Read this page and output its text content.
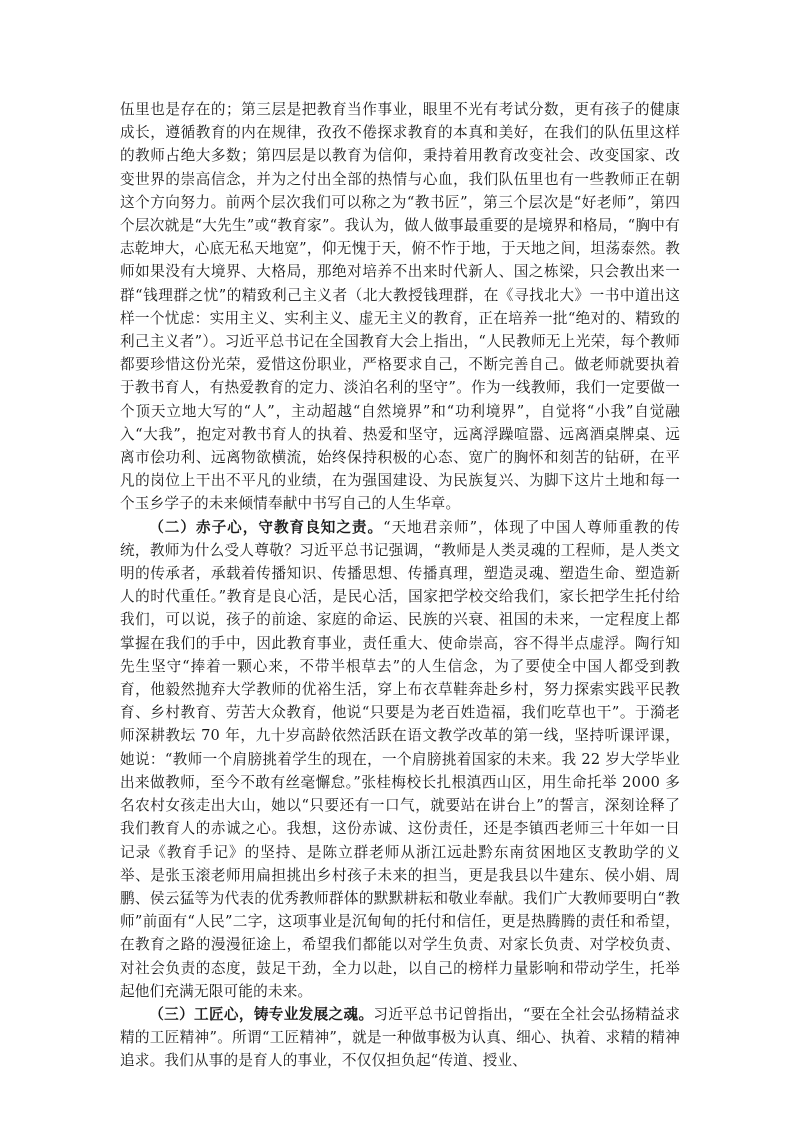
伍里也是存在的；第三层是把教育当作事业，眼里不光有考试分数，更有孩子的健康成长，遵循教育的内在规律，孜孜不倦探求教育的本真和美好，在我们的队伍里这样的教师占绝大多数；第四层是以教育为信仰，秉持着用教育改变社会、改变国家、改变世界的崇高信念，并为之付出全部的热情与心血，我们队伍里也有一些教师正在朝这个方向努力。前两个层次我们可以称之为“教书匠”，第三个层次是“好老师”，第四个层次就是“大先生”或“教育家”。我认为，做人做事最重要的是境界和格局，“胸中有志乾坤大，心底无私天地宽”，仰无愧于天，俯不怍于地，于天地之间，坦荡泰然。教师如果没有大境界、大格局，那绝对培养不出来时代新人、国之栋梁，只会教出来一群“钱理群之忧”的精致利己主义者（北大教授钱理群，在《寻找北大》一书中道出这样一个忧虑：实用主义、实利主义、虚无主义的教育，正在培养一批“绝对的、精致的利己主义者”）。习近平总书记在全国教育大会上指出，“人民教师无上光荣，每个教师都要珍惜这份光荣，爱惜这份职业，严格要求自己，不断完善自己。做老师就要执着于教书育人，有热爱教育的定力、淡泊名利的坚守”。作为一线教师，我们一定要做一个顶天立地大写的“人”，主动超越“自然境界”和“功利境界”，自觉将“小我”自觉融入“大我”，抱定对教书育人的执着、热爱和坚守，远离浮躁喧嚣、远离酒桌牌桌、远离市侩功利、远离物欲横流，始终保持积极的心态、宽广的胸怀和刻苦的钻研，在平凡的岗位上干出不平凡的业绩，在为强国建设、为民族复兴、为脚下这片土地和每一个玉乡学子的未来倾情奉献中书写自己的人生华章。

（二）赤子心，守教育良知之责。“天地君亲师”，体现了中国人尊师重教的传统，教师为什么受人尊敬？习近平总书记强调，“教师是人类灵魂的工程师，是人类文明的传承者，承载着传播知识、传播思想、传播真理，塑造灵魂、塑造生命、塑造新人的时代重任。”教育是良心活，是民心活，国家把学校交给我们，家长把学生托付给我们，可以说，孩子的前途、家庭的命运、民族的兴衰、祖国的未来，一定程度上都掌握在我们的手中，因此教育事业，责任重大、使命崇高，容不得半点虚浮。陶行知先生坚守“捧着一颗心来，不带半根草去”的人生信念，为了要使全中国人都受到教育，他毅然抛弃大学教师的优裕生活，穿上布衣草鞋奔赴乡村，努力探索实践平民教育、乡村教育、劳苦大众教育，他说“只要是为老百姓造福，我们吃草也干”。于漪老师深耕教坛 70 年，九十岁高龄依然活跃在语文教学改革的第一线，坚持听课评课，她说：“教师一个肩膀挑着学生的现在，一个肩膀挑着国家的未来。我 22 岁大学毕业出来做教师，至今不敢有丝毫懈怠。”张桂梅校长扎根滇西山区，用生命托举 2000 多名农村女孩走出大山，她以“只要还有一口气，就要站在讲台上”的誓言，深刻诠释了我们教育人的赤诚之心。我想，这份赤诚、这份责任，还是李镇西老师三十年如一日记录《教育手记》的坚持、是陈立群老师从浙江远赴黔东南贫困地区支教助学的义举、是张玉滚老师用扁担挑出乡村孩子未来的担当，更是我县以牛建东、侯小娟、周鹏、侯云猛等为代表的优秀教师群体的默默耕耘和敬业奉献。我们广大教师要明白“教师”前面有“人民”二字，这项事业是沉甸甸的托付和信任，更是热腾腾的责任和希望，在教育之路的漫漫征途上，希望我们都能以对学生负责、对家长负责、对学校负责、对社会负责的态度，鼓足干劲，全力以赴，以自己的榜样力量影响和带动学生，托举起他们充满无限可能的未来。

（三）工匠心，铸专业发展之魂。习近平总书记曾指出，“要在全社会弘扬精益求精的工匠精神”。所谓“工匠精神”，就是一种做事极为认真、细心、执着、求精的精神追求。我们从事的是育人的事业，不仅仅担负起“传道、授业、
